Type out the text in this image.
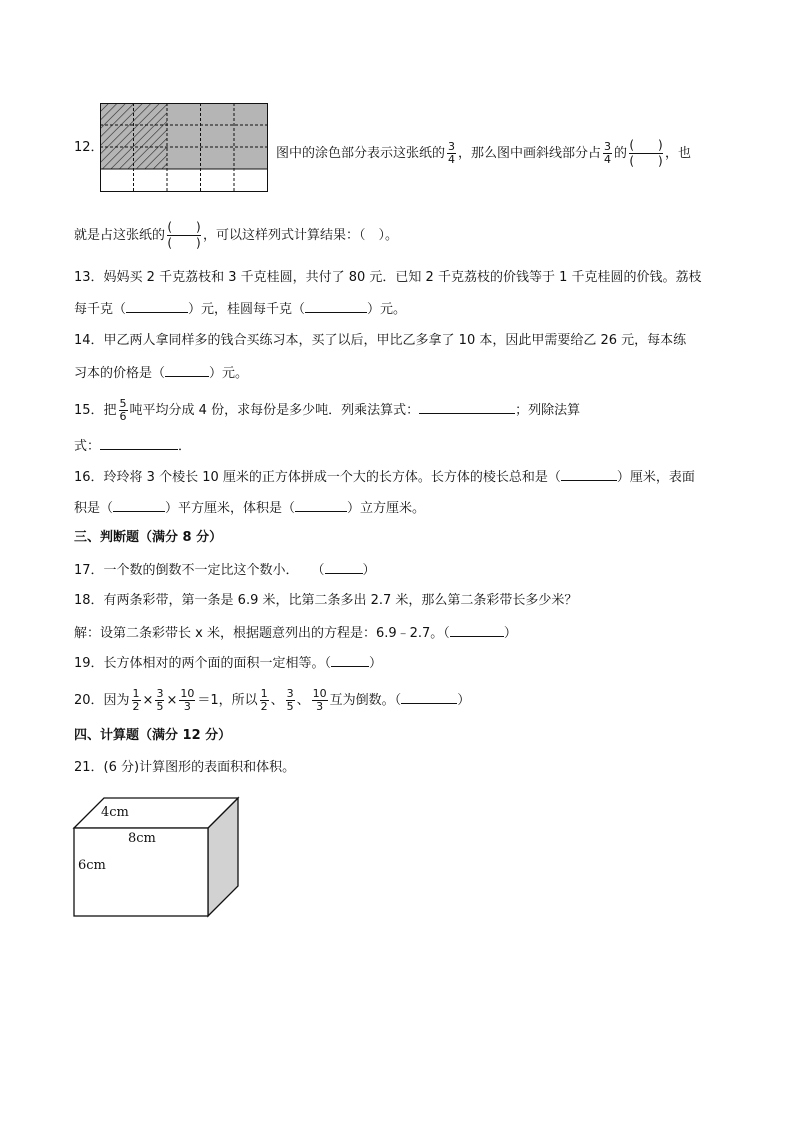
12．	图中的涂色部分表示这张纸的 $\frac{3}{4}$ ，那么图中画斜线部分占 $\frac{3}{4}$ 的
(　　)
(　　) ，也
就是占这张纸的
(　　)
(　　) ，可以这样列式计算结果：（　）。
13．妈妈买 2 千克荔枝和 3 千克桂圆，共付了 80 元．已知 2 千克荔枝的价钱等于 1 千克桂圆的价钱。荔枝
每千克（	）元，桂圆每千克（	）元。
14．甲乙两人拿同样多的钱合买练习本，买了以后，甲比乙多拿了 10 本，因此甲需要给乙 26 元，每本练
习本的价格是（	）元。
15．把 $\frac{5}{6}$ 吨平均分成 4 份，求每份是多少吨．列乘法算式：	；列除法算
式：	．
16．玲玲将 3 个棱长 10 厘米的正方体拼成一个大的长方体。长方体的棱长总和是（	）厘米，表面
积是（	）平方厘米，体积是（	）立方厘米。
三、判断题（满分 8 分）
17．一个数的倒数不一定比这个数小．　　（	）
18．有两条彩带，第一条是 6.9 米，比第二条多出 2.7 米，那么第二条彩带长多少米？
解：设第二条彩带长 x 米，根据题意列出的方程是：6.9﹣2.7。（	）
19．长方体相对的两个面的面积一定相等。（	）
20．因为 $\frac{1}{2} \times \frac{3}{5} \times \frac{10}{3} =1$，所以 $\frac{1}{2}$ 、 $\frac{3}{5}$ 、 $\frac{10}{3}$ 互为倒数。（	）
四、计算题（满分 12 分）
21．(6 分)计算图形的表面积和体积。
4cm
8cm
6cm
